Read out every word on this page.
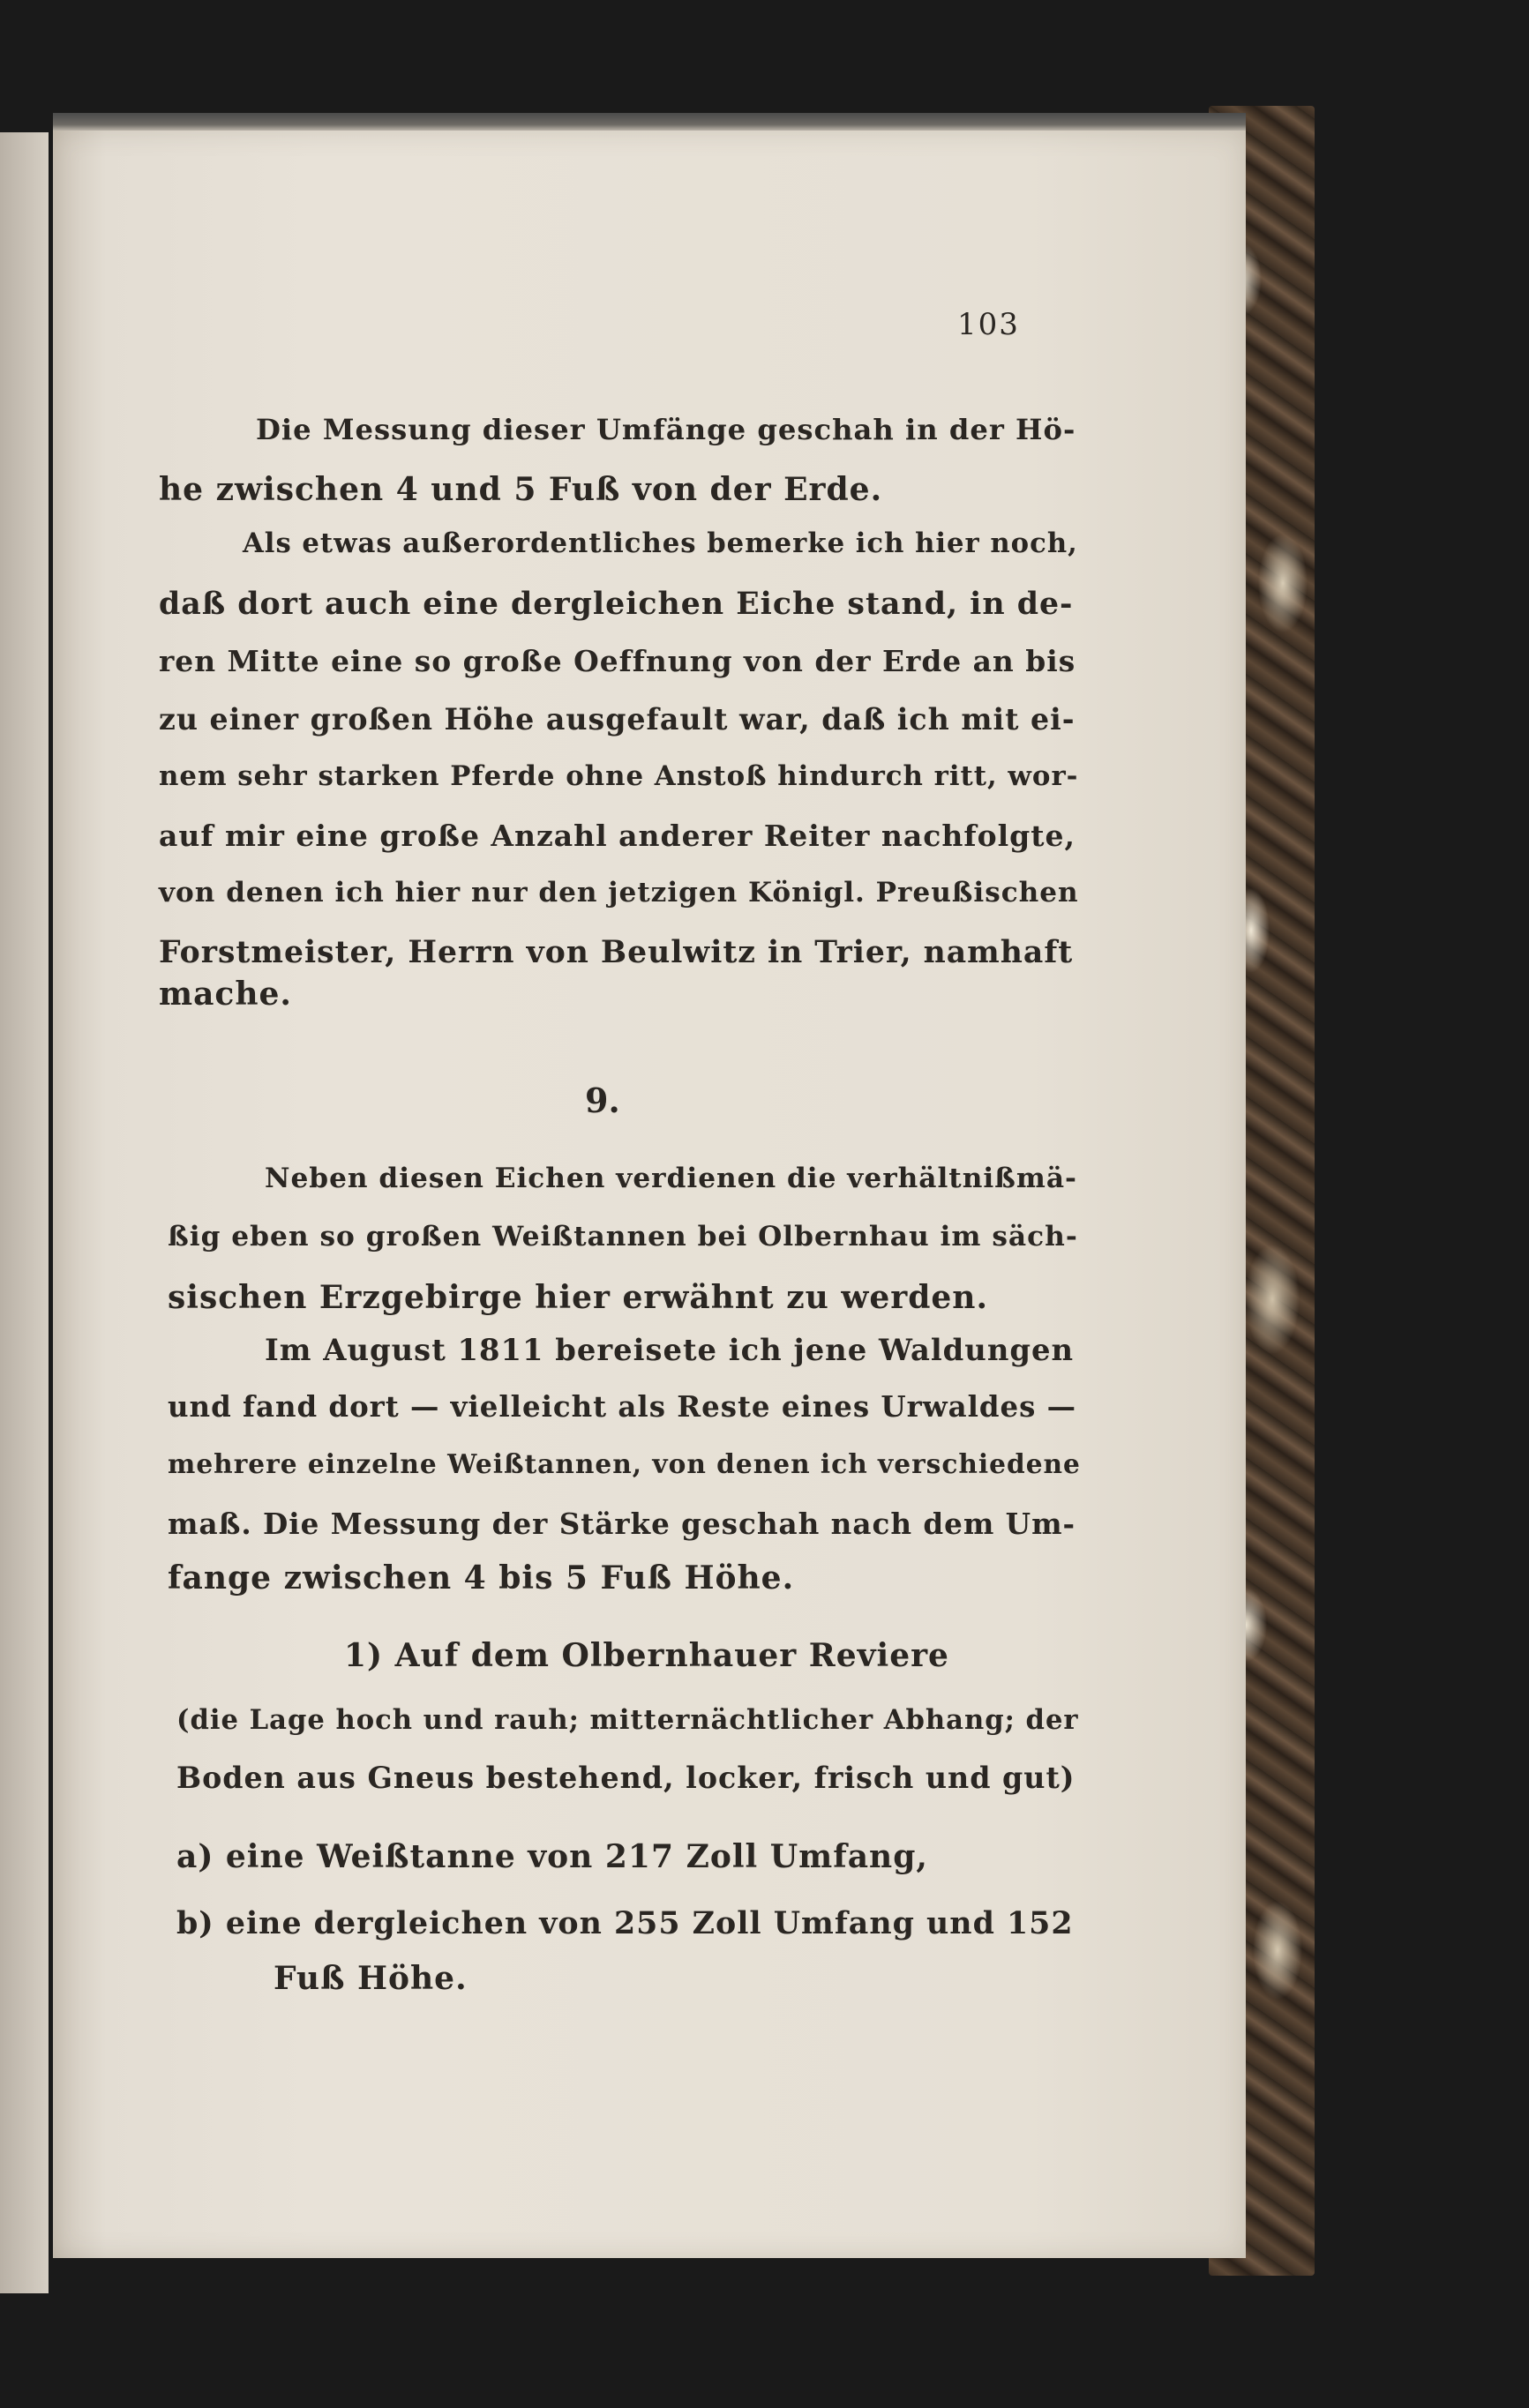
103
Die Messung dieser Umfänge geschah in der Hö-
he zwischen 4 und 5 Fuß von der Erde.
Als etwas außerordentliches bemerke ich hier noch,
daß dort auch eine dergleichen Eiche stand, in de-
ren Mitte eine so große Oeffnung von der Erde an bis
zu einer großen Höhe ausgefault war, daß ich mit ei-
nem sehr starken Pferde ohne Anstoß hindurch ritt, wor-
auf mir eine große Anzahl anderer Reiter nachfolgte,
von denen ich hier nur den jetzigen Königl. Preußischen
Forstmeister, Herrn von Beulwitz in Trier, namhaft
mache.
9.
Neben diesen Eichen verdienen die verhältnißmä-
ßig eben so großen Weißtannen bei Olbernhau im säch-
sischen Erzgebirge hier erwähnt zu werden.
Im August 1811 bereisete ich jene Waldungen
und fand dort — vielleicht als Reste eines Urwaldes —
mehrere einzelne Weißtannen, von denen ich verschiedene
maß. Die Messung der Stärke geschah nach dem Um-
fange zwischen 4 bis 5 Fuß Höhe.
1) Auf dem Olbernhauer Reviere
(die Lage hoch und rauh; mitternächtlicher Abhang; der
Boden aus Gneus bestehend, locker, frisch und gut)
a) eine Weißtanne von 217 Zoll Umfang,
b) eine dergleichen von 255 Zoll Umfang und 152
Fuß Höhe.
